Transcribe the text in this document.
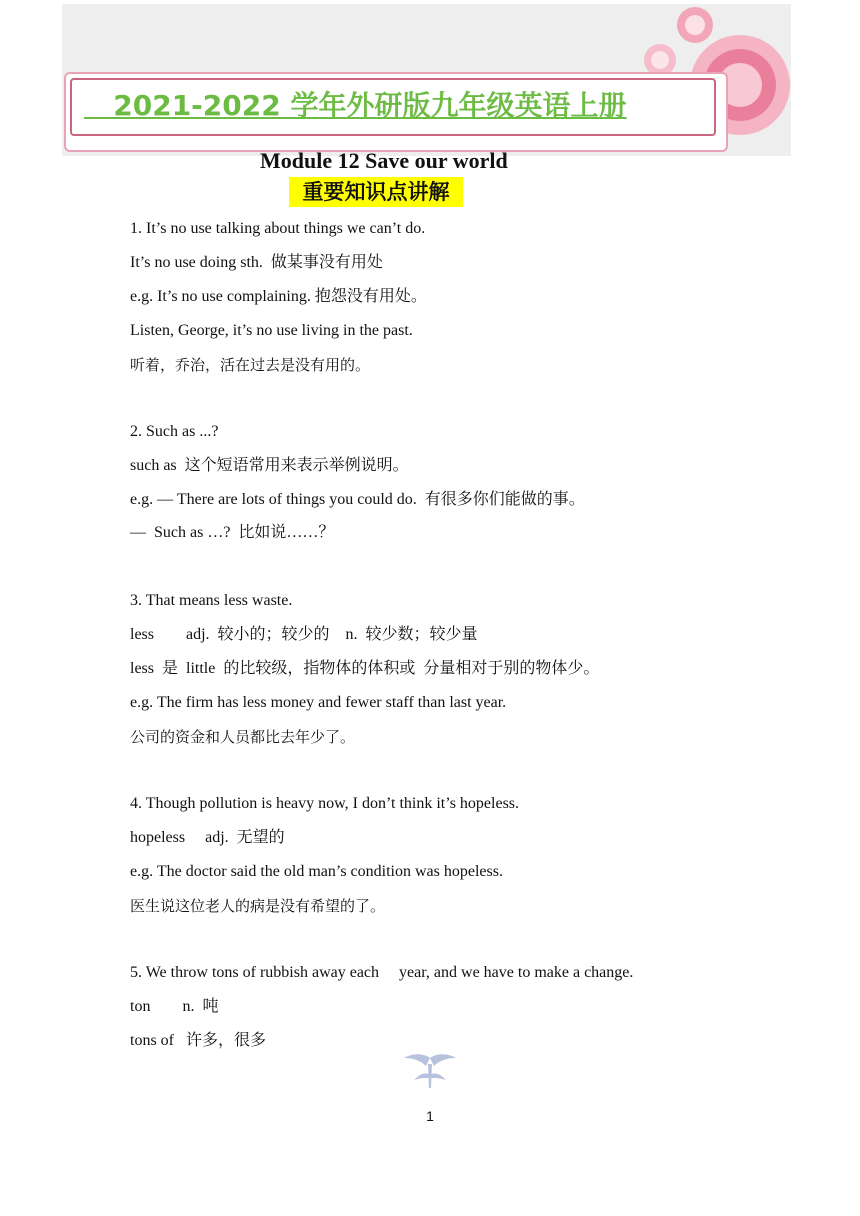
2021-2022 学年外研版九年级英语上册
Module 12 Save our world
重要知识点讲解
1. It’s no use talking about things we can’t do.
It’s no use doing sth.  做某事没有用处
e.g. It’s no use complaining. 抱怨没有用处。
Listen, George, it’s no use living in the past.
听着，乔治，活在过去是没有用的。
2. Such as ...?
such as  这个短语常用来表示举例说明。
e.g. — There are lots of things you could do.  有很多你们能做的事。
—  Such as …?  比如说……？
3. That means less waste.
less        adj.  较小的；较少的    n.  较少数；较少量
less  是  little  的比较级，指物体的体积或  分量相对于别的物体少。
e.g. The firm has less money and fewer staff than last year.
公司的资金和人员都比去年少了。
4. Though pollution is heavy now, I don’t think it’s hopeless.
hopeless     adj.  无望的
e.g. The doctor said the old man’s condition was hopeless.
医生说这位老人的病是没有希望的了。
5. We throw tons of rubbish away each     year, and we have to make a change.
ton        n.  吨
tons of   许多，很多
1
